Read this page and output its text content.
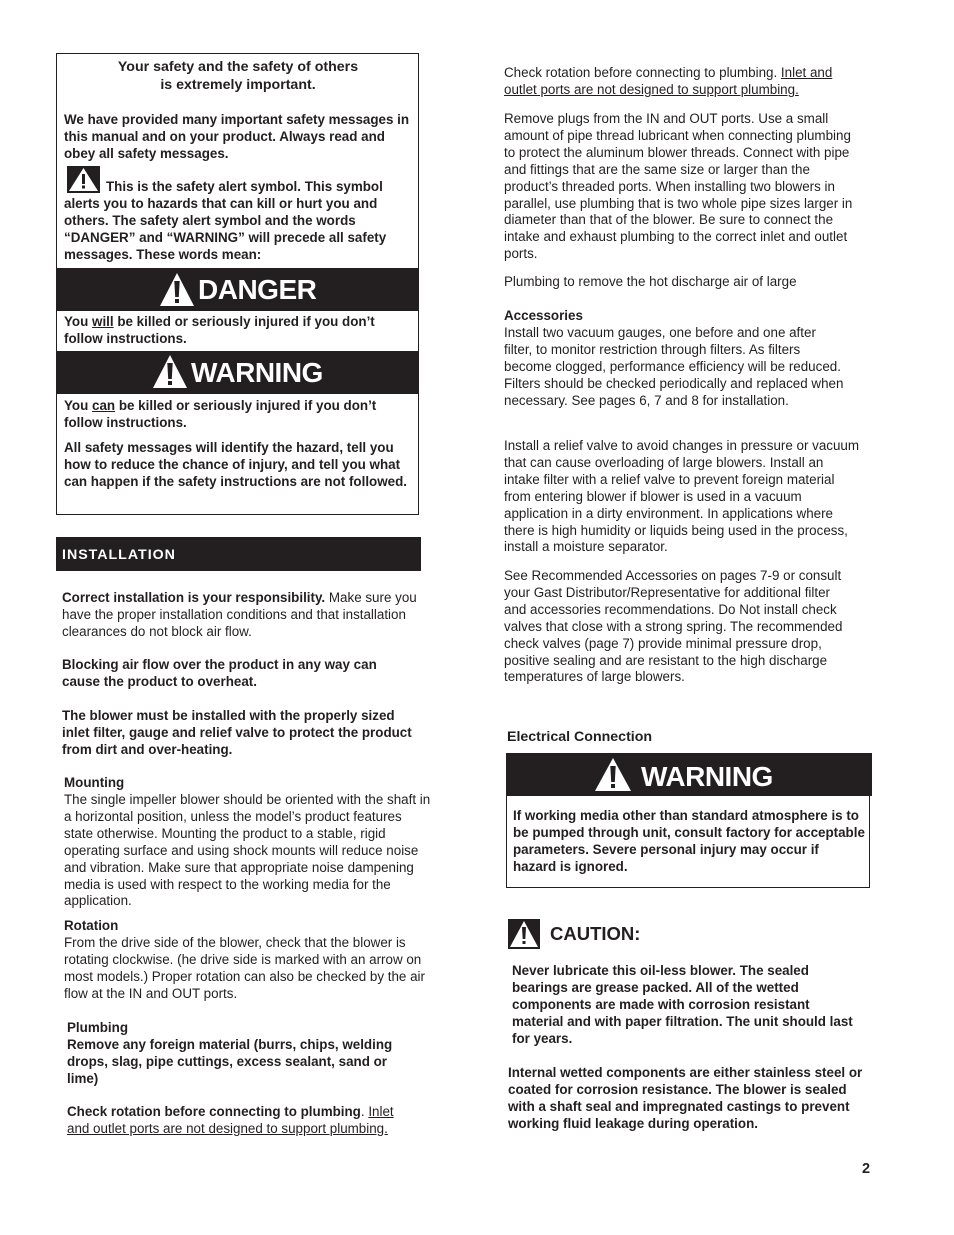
Your safety and the safety of others

is extremely important.

We have provided many important safety messages in this manual and on your product. Always read and obey all safety messages.

This is the safety alert symbol. This symbol alerts you to hazards that can kill or hurt you and others. The safety alert symbol and the words “DANGER” and “WARNING” will precede all safety messages. These words mean:

DANGER

You will be killed or seriously injured if you don’t follow instructions.

WARNING

You can be killed or seriously injured if you don’t follow instructions.

All safety messages will identify the hazard, tell you how to reduce the chance of injury, and tell you what can happen if the safety instructions are not followed.

INSTALLATION

Correct installation is your responsibility. Make sure you have the proper installation conditions and that installation clearances do not block air flow.

Blocking air flow over the product in any way can cause the product to overheat.

The blower must be installed with the properly sized inlet filter, gauge and relief valve to protect the product from dirt and over-heating.

Mounting

The single impeller blower should be oriented with the shaft in a horizontal position, unless the model’s product features state otherwise. Mounting the product to a stable, rigid operating surface and using shock mounts will reduce noise and vibration. Make sure that appropriate noise dampening media is used with respect to the working media for the application.

Rotation

From the drive side of the blower, check that the blower is rotating clockwise. (he drive side is marked with an arrow on most models.) Proper rotation can also be checked by the air flow at the IN and OUT ports.

Plumbing

Remove any foreign material (burrs, chips, welding drops, slag, pipe cuttings, excess sealant, sand or lime)

Check rotation before connecting to plumbing. Inlet and outlet ports are not designed to support plumbing.

Check rotation before connecting to plumbing. Inlet and outlet ports are not designed to support plumbing.

Remove plugs from the IN and OUT ports. Use a small amount of pipe thread lubricant when connecting plumbing to protect the aluminum blower threads. Connect with pipe and fittings that are the same size or larger than the product’s threaded ports. When installing two blowers in parallel, use plumbing that is two whole pipe sizes larger in diameter than that of the blower. Be sure to connect the intake and exhaust plumbing to the correct inlet and outlet ports.

Plumbing to remove the hot discharge air of large

Accessories

Install two vacuum gauges, one before and one after filter, to monitor restriction through filters. As filters become clogged, performance efficiency will be reduced. Filters should be checked periodically and replaced when necessary. See pages 6, 7 and 8 for installation.

Install a relief valve to avoid changes in pressure or vacuum that can cause overloading of large blowers. Install an intake filter with a relief valve to prevent foreign material from entering blower if blower is used in a vacuum application in a dirty environment. In applications where there is high humidity or liquids being used in the process, install a moisture separator.

See Recommended Accessories on pages 7-9 or consult your Gast Distributor/Representative for additional filter and accessories recommendations. Do Not install check valves that close with a strong spring. The recommended check valves (page 7) provide minimal pressure drop, positive sealing and are resistant to the high discharge temperatures of large blowers.

Electrical Connection

WARNING

If working media other than standard atmosphere is to be pumped through unit, consult factory for acceptable parameters. Severe personal injury may occur if hazard is ignored.

CAUTION:

Never lubricate this oil-less blower. The sealed bearings are grease packed. All of the wetted components are made with corrosion resistant material and with paper filtration. The unit should last for years.

Internal wetted components are either stainless steel or coated for corrosion resistance. The blower is sealed with a shaft seal and impregnated castings to prevent working fluid leakage during operation.

2
